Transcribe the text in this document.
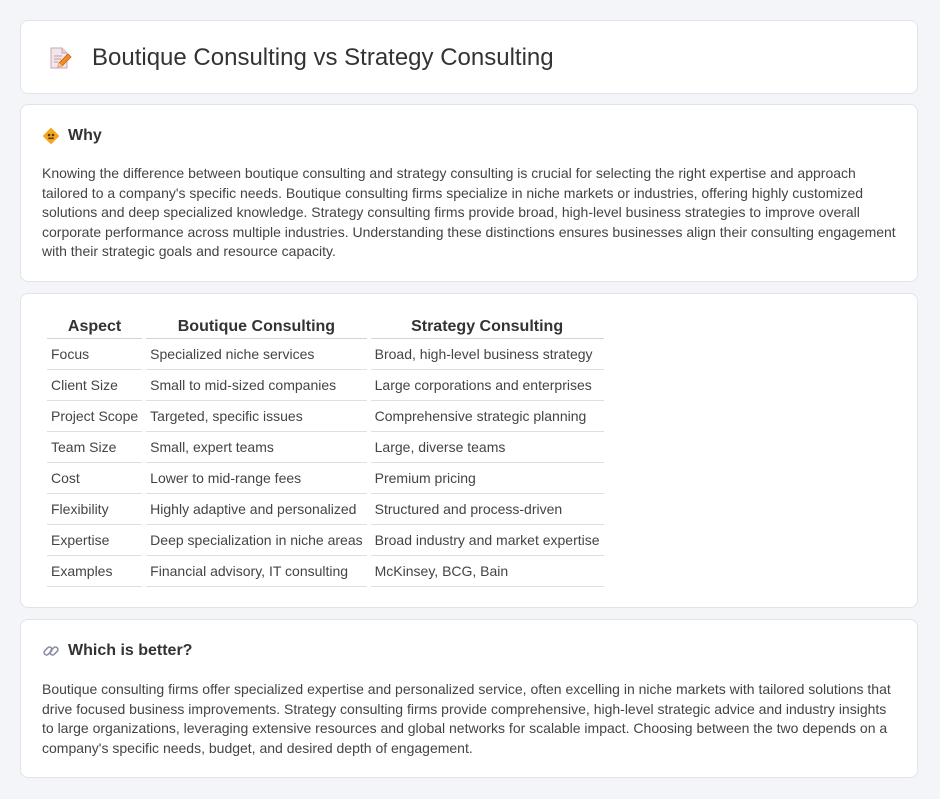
Boutique Consulting vs Strategy Consulting
Why

Knowing the difference between boutique consulting and strategy consulting is crucial for selecting the right expertise and approach tailored to a company's specific needs. Boutique consulting firms specialize in niche markets or industries, offering highly customized solutions and deep specialized knowledge. Strategy consulting firms provide broad, high-level business strategies to improve overall corporate performance across multiple industries. Understanding these distinctions ensures businesses align their consulting engagement with their strategic goals and resource capacity.

Aspect	Boutique Consulting	Strategy Consulting
Focus	Specialized niche services	Broad, high-level business strategy
Client Size	Small to mid-sized companies	Large corporations and enterprises
Project Scope	Targeted, specific issues	Comprehensive strategic planning
Team Size	Small, expert teams	Large, diverse teams
Cost	Lower to mid-range fees	Premium pricing
Flexibility	Highly adaptive and personalized	Structured and process-driven
Expertise	Deep specialization in niche areas	Broad industry and market expertise
Examples	Financial advisory, IT consulting	McKinsey, BCG, Bain
Which is better?

Boutique consulting firms offer specialized expertise and personalized service, often excelling in niche markets with tailored solutions that drive focused business improvements. Strategy consulting firms provide comprehensive, high-level strategic advice and industry insights to large organizations, leveraging extensive resources and global networks for scalable impact. Choosing between the two depends on a company's specific needs, budget, and desired depth of engagement.
